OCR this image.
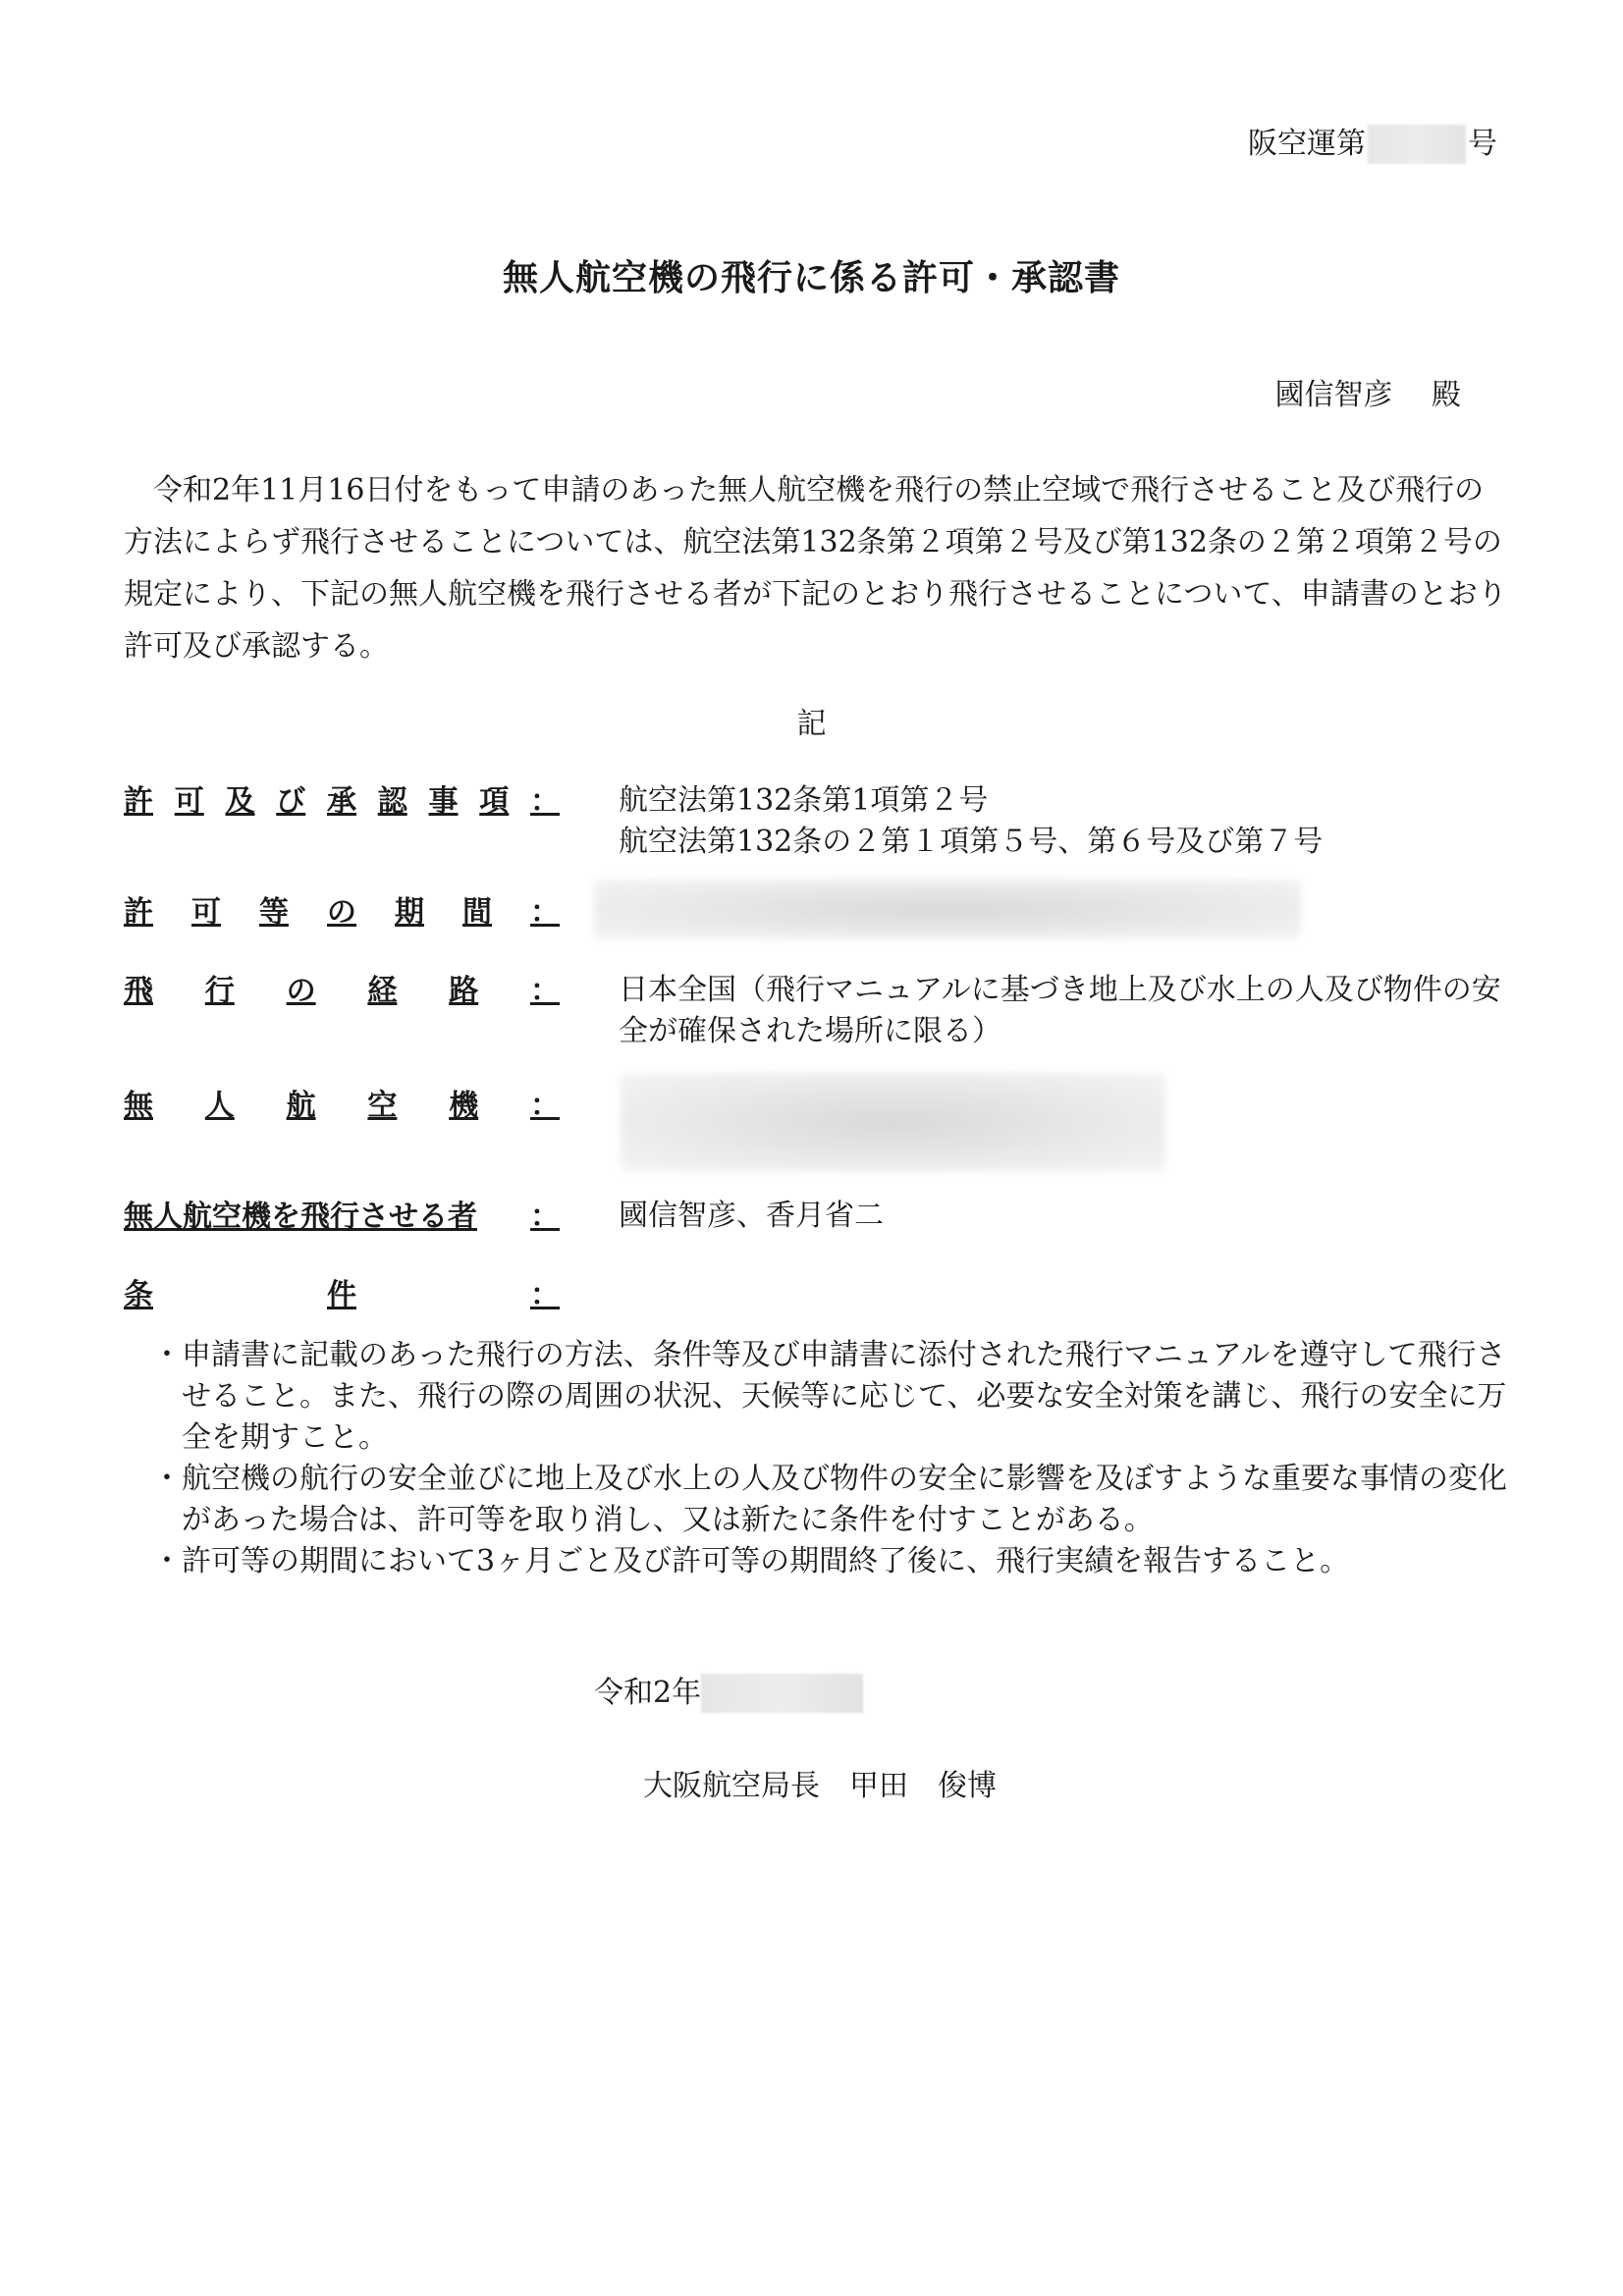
阪空運第	号
無人航空機の飛行に係る許可・承認書
國信智彦　 殿
令和2年11月16日付をもって申請のあった無人航空機を飛行の禁止空域で飛行させること及び飛行の方法によらず飛行させることについては、航空法第132条第２項第２号及び第132条の２第２項第２号の規定により、下記の無人航空機を飛行させる者が下記のとおり飛行させることについて、申請書のとおり許可及び承認する。
記
許 可 及 び 承 認 事 項 ： 航空法第132条第1項第２号
航空法第132条の２第１項第５号、第６号及び第７号
許 可 等 の 期 間 ：
飛 行 の 経 路 ： 日本全国（飛行マニュアルに基づき地上及び水上の人及び物件の安全が確保された場所に限る）
無 人 航 空 機 ：
無人航空機を飛行させる者 ： 國信智彦、香月省二
条	件	：
・申請書に記載のあった飛行の方法、条件等及び申請書に添付された飛行マニュアルを遵守して飛行させること。また、飛行の際の周囲の状況、天候等に応じて、必要な安全対策を講じ、飛行の安全に万全を期すこと。
・航空機の航行の安全並びに地上及び水上の人及び物件の安全に影響を及ぼすような重要な事情の変化があった場合は、許可等を取り消し、又は新たに条件を付すことがある。
・許可等の期間において3ヶ月ごと及び許可等の期間終了後に、飛行実績を報告すること。
令和2年
大阪航空局長　甲田　俊博
